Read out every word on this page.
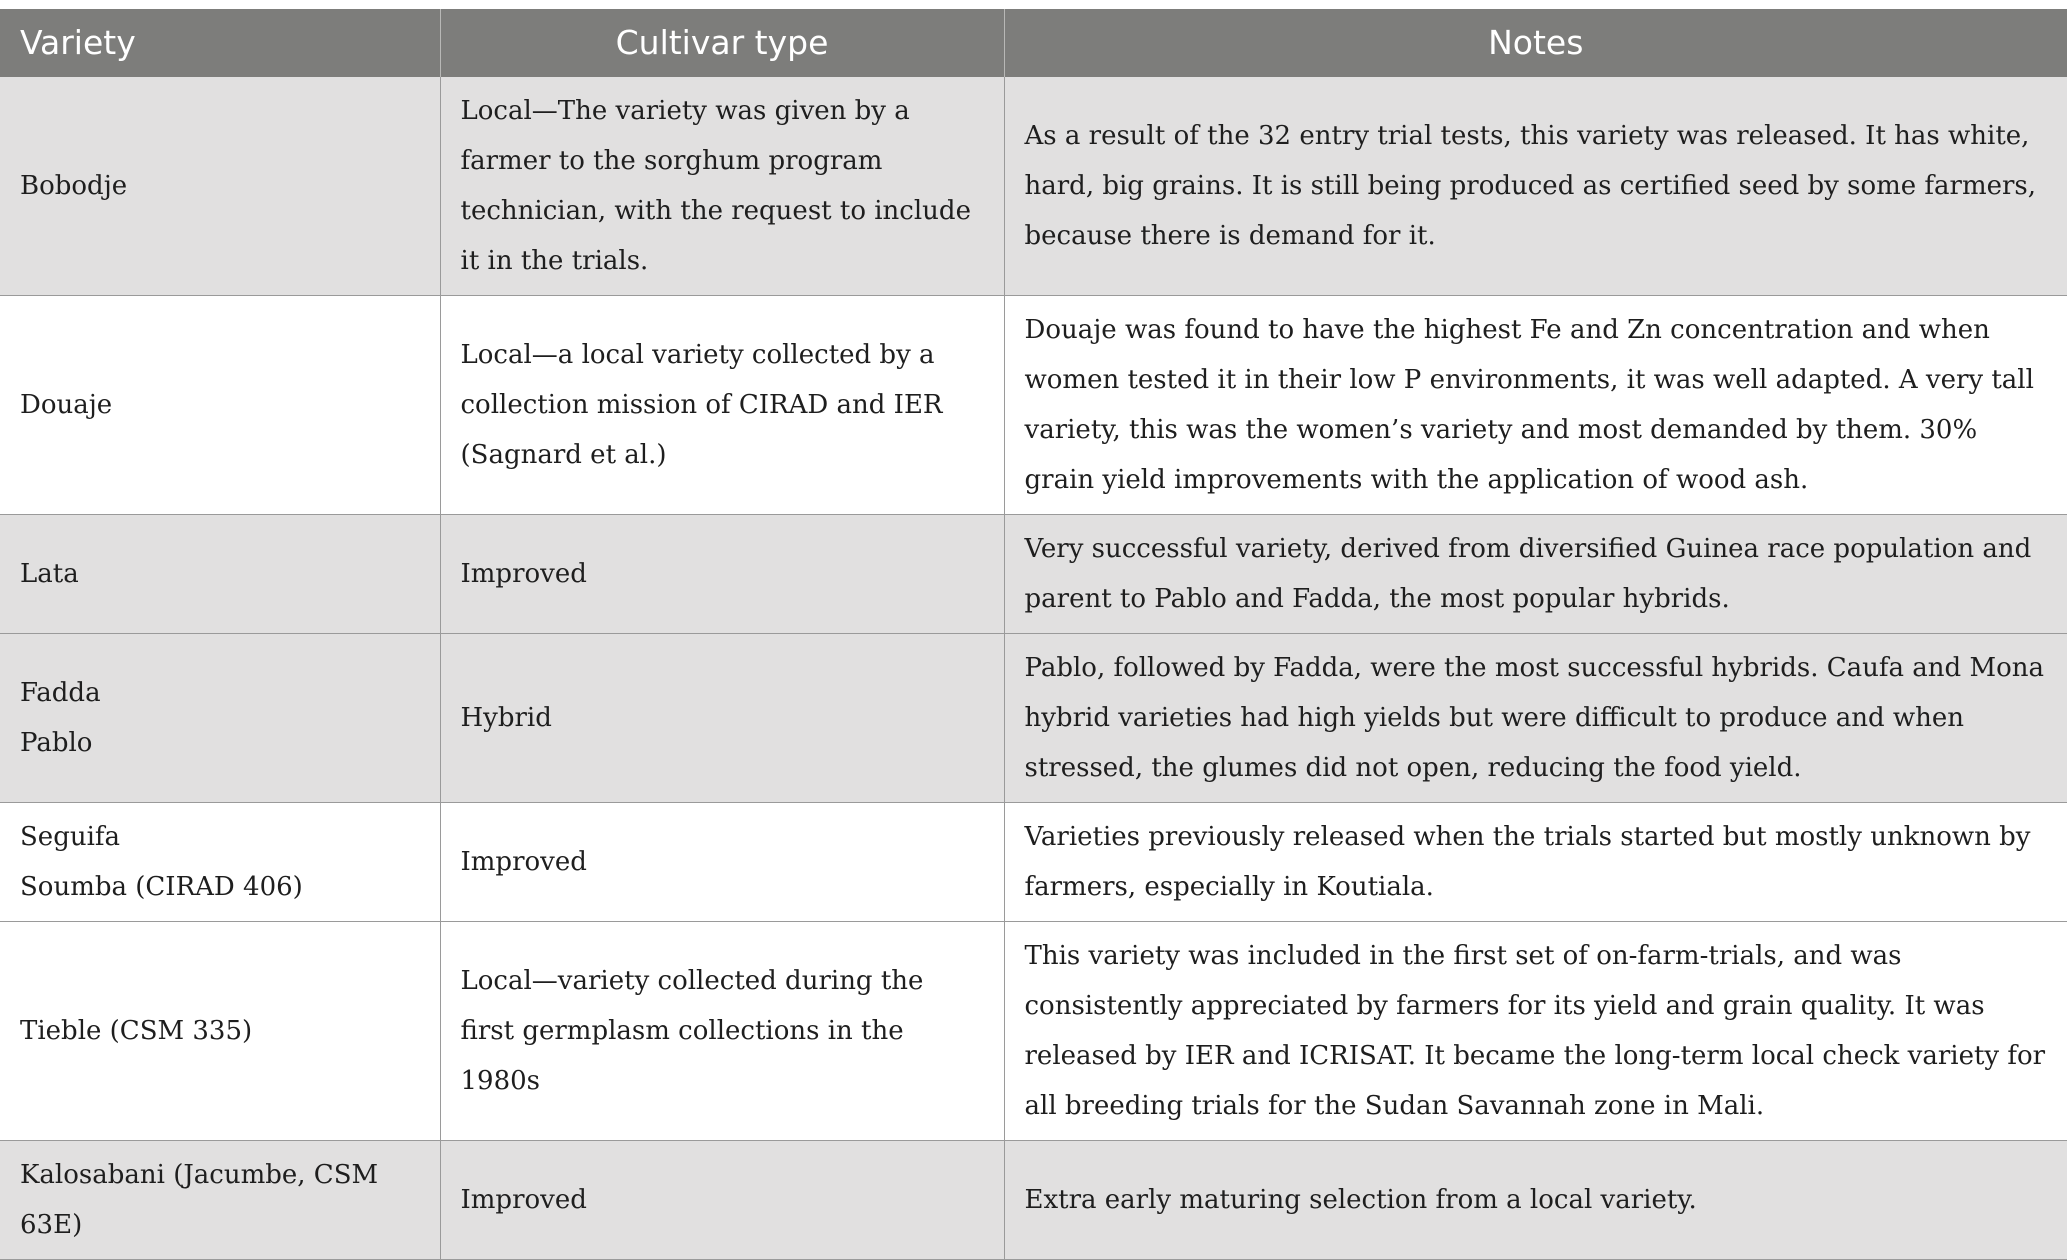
Variety	Cultivar type	Notes

Bobodje	Local—The variety was given by a farmer to the sorghum program technician, with the request to include it in the trials.	As a result of the 32 entry trial tests, this variety was released. It has white, hard, big grains. It is still being produced as certified seed by some farmers, because there is demand for it.

Douaje	Local—a local variety collected by a collection mission of CIRAD and IER (Sagnard et al.)	Douaje was found to have the highest Fe and Zn concentration and when women tested it in their low P environments, it was well adapted. A very tall variety, this was the women’s variety and most demanded by them. 30% grain yield improvements with the application of wood ash.

Lata	Improved	Very successful variety, derived from diversified Guinea race population and parent to Pablo and Fadda, the most popular hybrids.

Fadda
Pablo	Hybrid	Pablo, followed by Fadda, were the most successful hybrids. Caufa and Mona hybrid varieties had high yields but were difficult to produce and when stressed, the glumes did not open, reducing the food yield.

Seguifa
Soumba (CIRAD 406)	Improved	Varieties previously released when the trials started but mostly unknown by farmers, especially in Koutiala.

Tieble (CSM 335)	Local—variety collected during the first germplasm collections in the 1980s	This variety was included in the first set of on-farm-trials, and was consistently appreciated by farmers for its yield and grain quality. It was released by IER and ICRISAT. It became the long-term local check variety for all breeding trials for the Sudan Savannah zone in Mali.

Kalosabani (Jacumbe, CSM 63E)	Improved	Extra early maturing selection from a local variety.
